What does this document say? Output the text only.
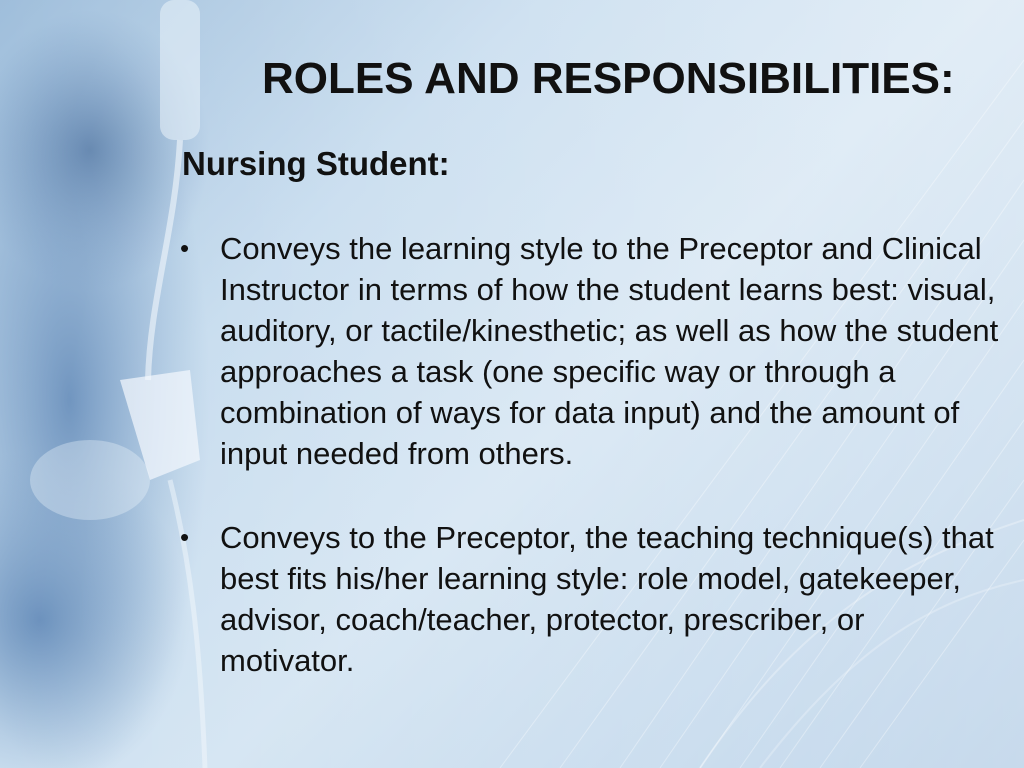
ROLES AND RESPONSIBILITIES:
Nursing Student:
• Conveys the learning style to the Preceptor and Clinical Instructor in terms of how the student learns best: visual, auditory, or tactile/kinesthetic; as well as how the student approaches a task (one specific way or through a combination of ways for data input) and the amount of input needed from others.
• Conveys to the Preceptor, the teaching technique(s) that best fits his/her learning style: role model, gatekeeper, advisor, coach/teacher, protector, prescriber, or motivator.
